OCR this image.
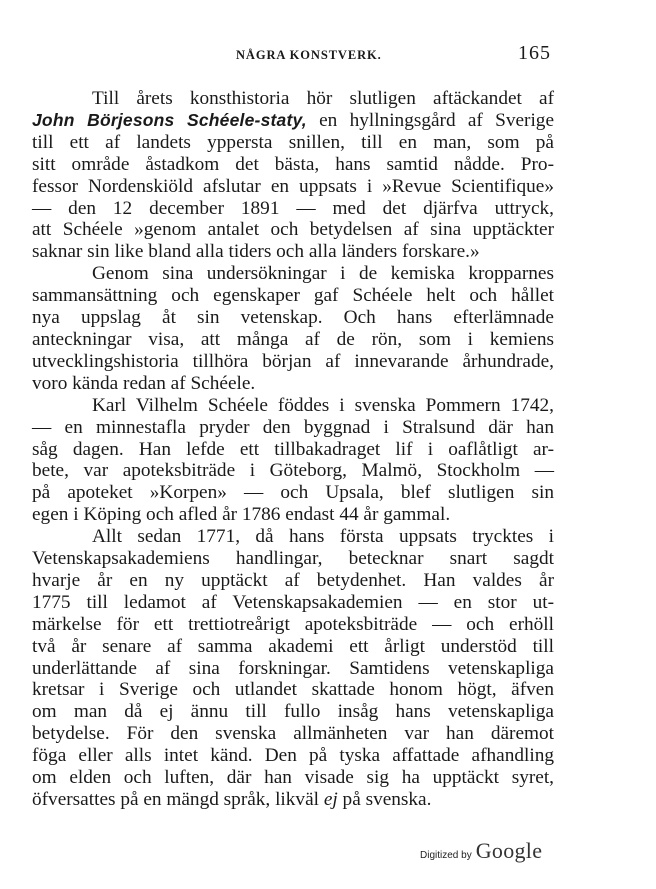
NÅGRA KONSTVERK.	165
Till årets konsthistoria hör slutligen aftäckandet af
John Börjesons Schéele-staty, en hyllningsgård af Sverige
till ett af landets yppersta snillen, till en man, som på
sitt område åstadkom det bästa, hans samtid nådde. Pro-
fessor Nordenskiöld afslutar en uppsats i »Revue Scientifique»
— den 12 december 1891 — med det djärfva uttryck,
att Schéele »genom antalet och betydelsen af sina upptäckter
saknar sin like bland alla tiders och alla länders forskare.»
Genom sina undersökningar i de kemiska kropparnes
sammansättning och egenskaper gaf Schéele helt och hållet
nya uppslag åt sin vetenskap. Och hans efterlämnade
anteckningar visa, att många af de rön, som i kemiens
utvecklingshistoria tillhöra början af innevarande århundrade,
voro kända redan af Schéele.
Karl Vilhelm Schéele föddes i svenska Pommern 1742,
— en minnestafla pryder den byggnad i Stralsund där han
såg dagen. Han lefde ett tillbakadraget lif i oaflåtligt ar-
bete, var apoteksbiträde i Göteborg, Malmö, Stockholm —
på apoteket »Korpen» — och Upsala, blef slutligen sin
egen i Köping och afled år 1786 endast 44 år gammal.
Allt sedan 1771, då hans första uppsats trycktes i
Vetenskapsakademiens handlingar, betecknar snart sagdt
hvarje år en ny upptäckt af betydenhet. Han valdes år
1775 till ledamot af Vetenskapsakademien — en stor ut-
märkelse för ett trettiotreårigt apoteksbiträde — och erhöll
två år senare af samma akademi ett årligt understöd till
underlättande af sina forskningar. Samtidens vetenskapliga
kretsar i Sverige och utlandet skattade honom högt, äfven
om man då ej ännu till fullo insåg hans vetenskapliga
betydelse. För den svenska allmänheten var han däremot
föga eller alls intet känd. Den på tyska affattade afhandling
om elden och luften, där han visade sig ha upptäckt syret,
öfversattes på en mängd språk, likväl ej på svenska.
Digitized by Google
